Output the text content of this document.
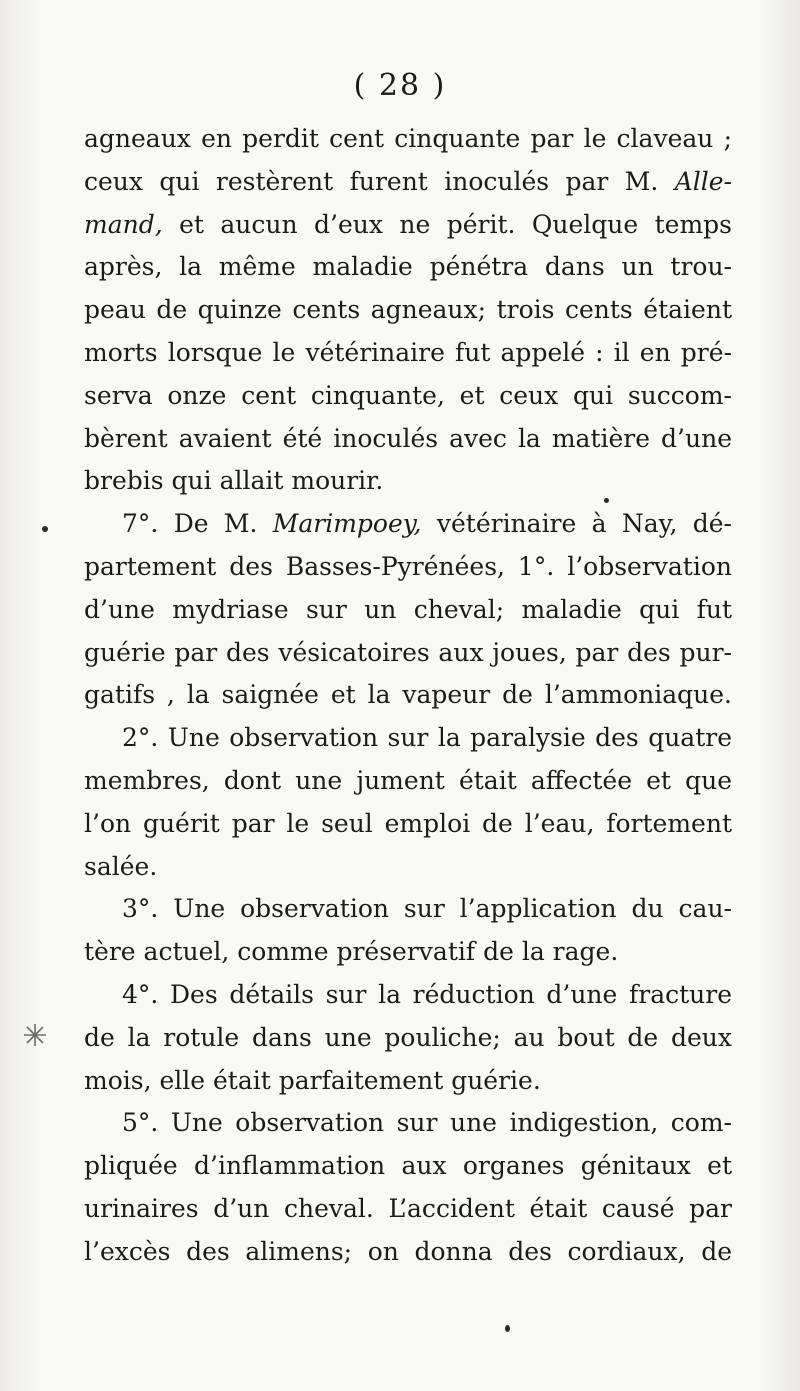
( 28 )
agneaux en perdit cent cinquante par le claveau ;
ceux qui restèrent furent inoculés par M. Alle-
mand, et aucun d’eux ne périt. Quelque temps
après, la même maladie pénétra dans un trou-
peau de quinze cents agneaux; trois cents étaient
morts lorsque le vétérinaire fut appelé : il en pré-
serva onze cent cinquante, et ceux qui succom-
bèrent avaient été inoculés avec la matière d’une
brebis qui allait mourir.
7°. De M. Marimpoey, vétérinaire à Nay, dé-
partement des Basses-Pyrénées, 1°. l’observation
d’une mydriase sur un cheval; maladie qui fut
guérie par des vésicatoires aux joues, par des pur-
gatifs , la saignée et la vapeur de l’ammoniaque.
2°. Une observation sur la paralysie des quatre
membres, dont une jument était affectée et que
l’on guérit par le seul emploi de l’eau, fortement
salée.
3°. Une observation sur l’application du cau-
tère actuel, comme préservatif de la rage.
4°. Des détails sur la réduction d’une fracture
de la rotule dans une pouliche; au bout de deux
mois, elle était parfaitement guérie.
5°. Une observation sur une indigestion, com-
pliquée d’inflammation aux organes génitaux et
urinaires d’un cheval. L’accident était causé par
l’excès des alimens; on donna des cordiaux, de
